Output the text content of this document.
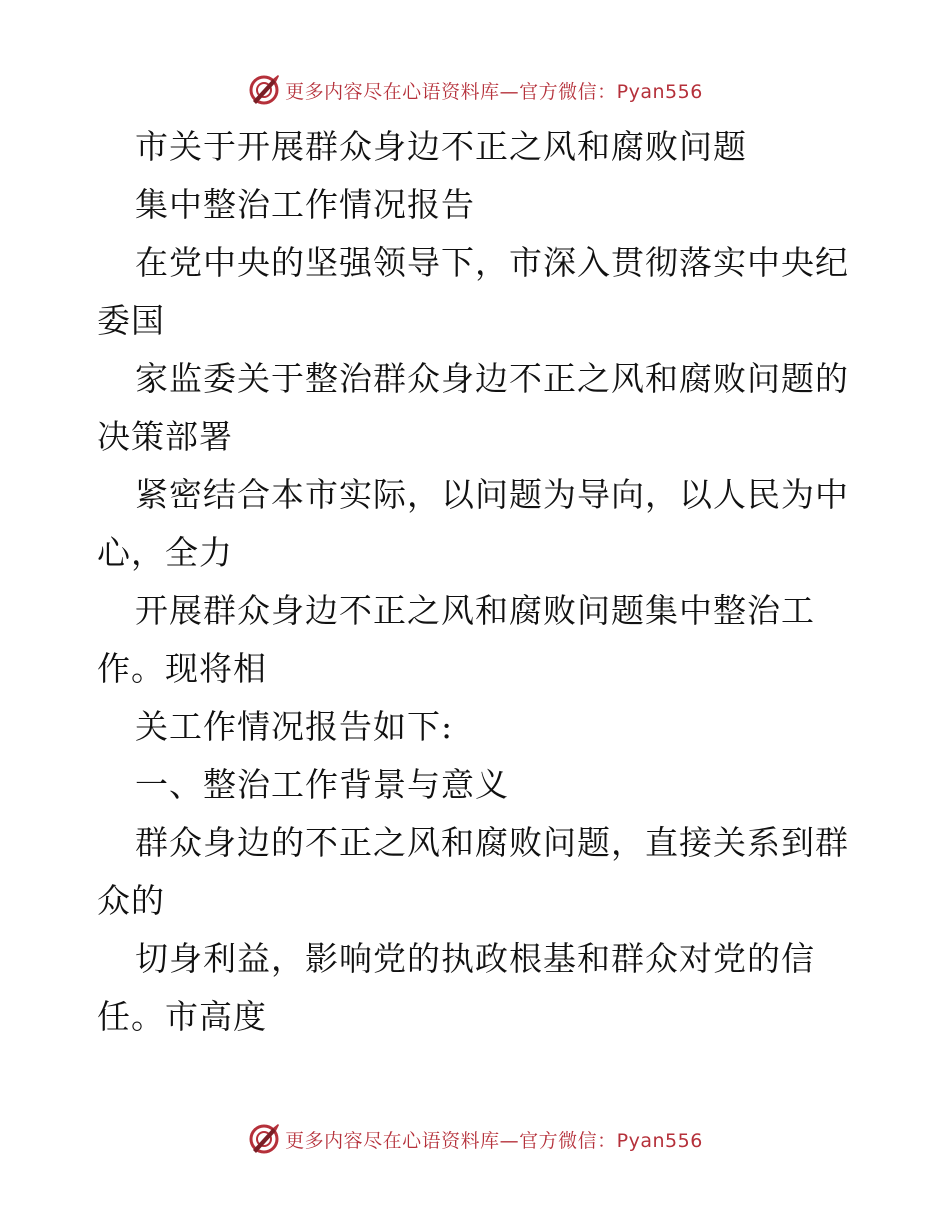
更多内容尽在心语资料库—官方微信：Pyan556
市关于开展群众身边不正之风和腐败问题
集中整治工作情况报告
在党中央的坚强领导下，市深入贯彻落实中央纪
委国
家监委关于整治群众身边不正之风和腐败问题的
决策部署
紧密结合本市实际，以问题为导向，以人民为中
心，全力
开展群众身边不正之风和腐败问题集中整治工
作。现将相
关工作情况报告如下:
一、整治工作背景与意义
群众身边的不正之风和腐败问题，直接关系到群
众的
切身利益，影响党的执政根基和群众对党的信
任。市高度
更多内容尽在心语资料库—官方微信：Pyan556
